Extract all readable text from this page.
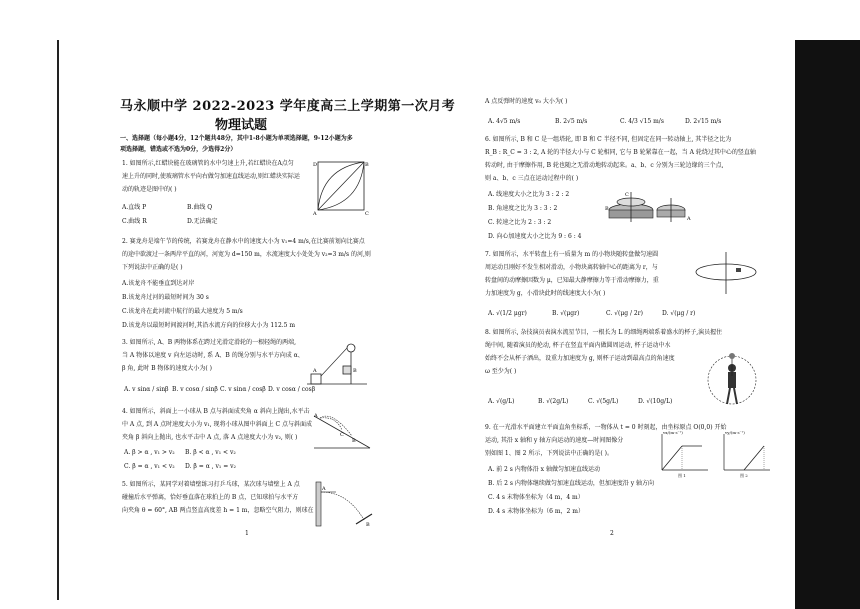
马永顺中学 2022-2023 学年度高三上学期第一次月考
物理试题
一、选择题（每小题4分，12个题共48分，其中1-8小题为单项选择题，9-12小题为多
项选择题，错选或不选为0分，少选得2分）
1. 如图所示,红蜡块能在玻璃管的水中匀速上升,若红蜡块在A点匀
速上升的同时,使玻璃管水平向右做匀加速直线运动,则红蜡块实际运
动的轨迹是图中的( )
A.直线 P	B.曲线 Q
C.曲线 R	D.无法确定
A
B
C
D
2. 赛龙舟是端午节的传统，若赛龙舟在静水中的速度大小为 v₁=4 m/s,在比赛前划向比赛点
的途中欲渡过一条两岸平直的河，河宽为 d=150 m，水流速度大小处处为 v₂=3 m/s 的河,则
下列说法中正确的是( )
A.该龙舟不能垂直到达对岸
B.该龙舟过河的最短时间为 30 s
C.该龙舟在此河流中航行的最大速度为 5 m/s
D.该龙舟以最短时间渡河时,其沿水流方向的位移大小为 112.5 m
3. 如图所示, A、B 两物体系在跨过光滑定滑轮的一根轻绳的两端,
当 A 物体以速度 v 向左运动时, 系 A、B 的绳分别与水平方向成 α、
β 角, 此时 B 物体的速度大小为( )
A. v sinα / sinβ B. v cosα / sinβ C. v sinα / cosβ D. v cosα / cosβ
A	B
4. 如图所示，斜面上一小球从 B 点与斜面成夹角 α 斜向上抛出,水平击
中 A 点, 到 A 点时速度大小为 v₁, 现将小球从图中斜面上 C 点与斜面成
夹角 β 斜向上抛出, 也水平击中 A 点, 落 A 点速度大小为 v₂, 则( )
A. β > α , v₁ > v₂ B. β < α , v₁ < v₂
C. β = α , v₁ < v₂ D. β = α , v₁ = v₂
A
B
C
5. 如图所示，某同学对着墙壁练习打乒乓球，某次球与墙壁上 A 点
碰撞后水平弹离，恰好垂直落在球拍上的 B 点，已知球拍与水平方
向夹角 θ = 60°, AB 两点竖直高度差 h = 1 m，忽略空气阻力，则球在
A
B
1
A 点反弹时的速度 v₀ 大小为( )
A. 4√5 m/s	B. 2√5 m/s	C. 4/3 √15 m/s	D. 2√15 m/s
6. 如图所示, B 和 C 是一组塔轮, 即 B 和 C 半径不同, 但固定在同一转动轴上, 其半径之比为
R_B : R_C = 3 : 2, A 轮的半径大小与 C 轮相同, 它与 B 轮紧靠在一起，当 A 轮绕过其中心的竖直轴
转动时, 由于摩擦作用, B 轮也随之无滑动地转动起来。a、b、c 分别为三轮边缘的三个点,
则 a、b、c 三点在运动过程中的( )
A. 线速度大小之比为 3 : 2 : 2
B. 角速度之比为 3 : 3 : 2
C. 转速之比为 2 : 3 : 2
D. 向心加速度大小之比为 9 : 6 : 4
B
C
A
7. 如图所示，水平转盘上有一质量为 m 的小物块随转盘做匀速圆
周运动且刚好不发生相对滑动，小物块离转轴中心的距离为 r，与
转盘间的动摩擦因数为 μ，已知最大静摩擦力等于滑动摩擦力，重
力加速度为 g，小滑块此时的线速度大小为( )
A. √(1/2 μgr)	B. √(μgr)	C. √(μg / 2r)	D. √(μg / r)
8. 如图所示, 杂技演员表演水流星节目，一根长为 L 的细绳两端系着盛水的杯子,演员握住
绳中间, 随着演员的抡动, 杯子在竖直平面内做圆周运动, 杯子运动中水
始终不会从杯子洒出，设重力加速度为 g, 则杯子运动到最高点的角速度
ω 至少为( )
A. √(g/L)	B. √(2g/L)	C. √(5g/L)	D. √(10g/L)
9. 在一光滑水平面建立平面直角坐标系，一物体从 t = 0 时刻起，由坐标原点 O(0,0) 开始
运动, 其沿 x 轴和 y 轴方向运动的速度—时间图像分
别如图 1、图 2 所示，下列说法中正确的是( )。
A. 前 2 s 内物体沿 x 轴做匀加速直线运动
B. 后 2 s 内物体继续做匀加速直线运动，但加速度沿 y 轴方向
C. 4 s 末物体坐标为（4 m，4 m）
D. 4 s 末物体坐标为（6 m，2 m）
vx/(m·s⁻¹)
图 1
vy/(m·s⁻¹)
图 2
2
